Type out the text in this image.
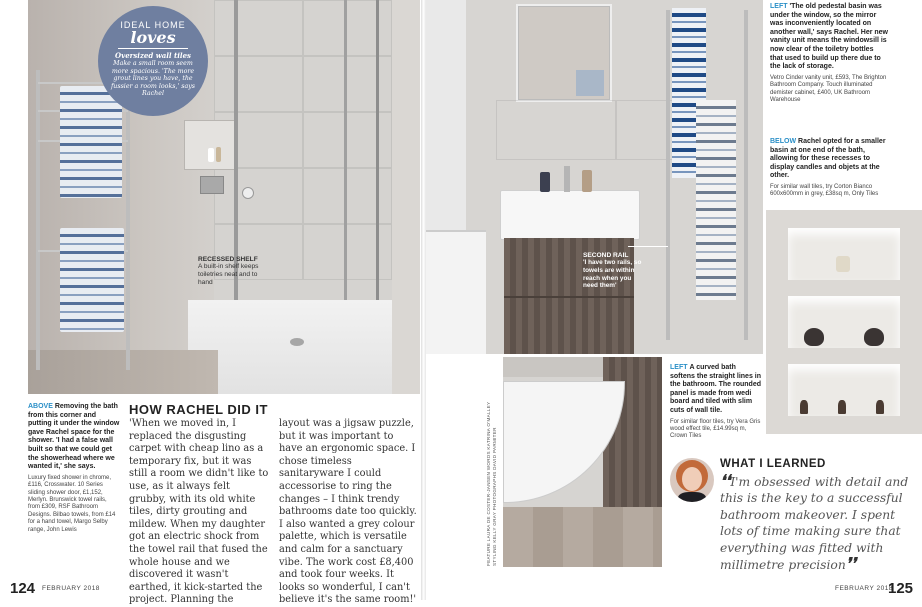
IDEAL HOME
loves
Oversized wall tiles
Make a small room seem more spacious. 'The more grout lines you have, the fussier a room looks,' says Rachel
RECESSED SHELF
A built-in shelf keeps toiletries neat and to hand
ABOVE Removing the bath from this corner and putting it under the window gave Rachel space for the shower. 'I had a false wall built so that we could get the showerhead where we wanted it,' she says.
Luxury fixed shower in chrome, £116, Crosswater. 10 Series sliding shower door, £1,152, Merlyn. Brunswick towel rails, from £309, RSF Bathroom Designs. Bilbao towels, from £14 for a hand towel, Margo Selby range, John Lewis
HOW RACHEL DID IT
'When we moved in, I replaced the disgusting carpet with cheap lino as a temporary fix, but it was still a room we didn't like to use, as it always felt grubby, with its old white tiles, dirty grouting and mildew. When my daughter got an electric shock from the towel rail that fused the whole house and we discovered it wasn't earthed, it kick-started the project. Planning the
layout was a jigsaw puzzle, but it was important to have an ergonomic space. I chose timeless sanitaryware I could accessorise to ring the changes – I think trendy bathrooms date too quickly. I also wanted a grey colour palette, which is versatile and calm for a sanctuary vibe. The work cost £8,400 and took four weeks. It looks so wonderful, I can't believe it's the same room!'
124 FEBRUARY 2018
SECOND RAIL
'I have two rails, so towels are within reach when you need them'
LEFT 'The old pedestal basin was under the window, so the mirror was inconveniently located on another wall,' says Rachel. Her new vanity unit means the windowsill is now clear of the toiletry bottles that used to build up there due to the lack of storage.
Vetro Cinder vanity unit, £593, The Brighton Bathroom Company. Touch illuminated demister cabinet, £400, UK Bathroom Warehouse
BELOW Rachel opted for a smaller basin at one end of the bath, allowing for these recesses to display candles and objets at the other.
For similar wall tiles, try Corton Bianco 600x600mm in grey, £38sq m, Only Tiles
FEATURE LAURA DE COSTER-JANSEN WORDS KATRINA O'MALLEY STYLING KELLY GRAY PHOTOGRAPHS DAVID PARMITER
LEFT A curved bath softens the straight lines in the bathroom. The rounded panel is made from wedi board and tiled with slim cuts of wall tile.
For similar floor tiles, try Vera Gris wood effect tile, £14.99sq m, Crown Tiles
WHAT I LEARNED
❛❛I'm obsessed with detail and this is the key to a successful bathroom makeover. I spent lots of time making sure that everything was fitted with millimetre precision❜❜
FEBRUARY 2018
125
